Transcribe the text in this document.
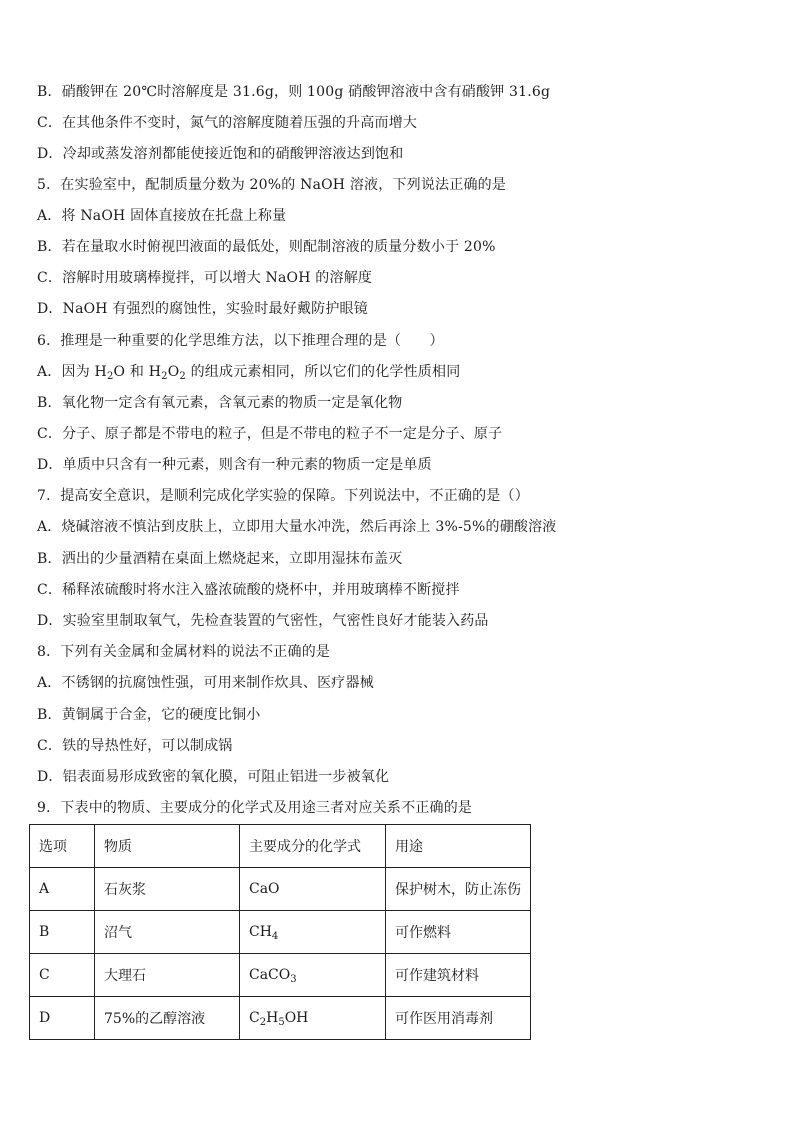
B．硝酸钾在 20℃时溶解度是 31.6g，则 100g 硝酸钾溶液中含有硝酸钾 31.6g
C．在其他条件不变时，氮气的溶解度随着压强的升高而增大
D．冷却或蒸发溶剂都能使接近饱和的硝酸钾溶液达到饱和
5．在实验室中，配制质量分数为 20%的 NaOH 溶液，下列说法正确的是
A．将 NaOH 固体直接放在托盘上称量
B．若在量取水时俯视凹液面的最低处，则配制溶液的质量分数小于 20%
C．溶解时用玻璃棒搅拌，可以增大 NaOH 的溶解度
D．NaOH 有强烈的腐蚀性，实验时最好戴防护眼镜
6．推理是一种重要的化学思维方法，以下推理合理的是（　　）
A．因为 $H_2O$ 和 $H_2O_2$ 的组成元素相同，所以它们的化学性质相同
B．氧化物一定含有氧元素，含氧元素的物质一定是氧化物
C．分子、原子都是不带电的粒子，但是不带电的粒子不一定是分子、原子
D．单质中只含有一种元素，则含有一种元素的物质一定是单质
7．提高安全意识，是顺利完成化学实验的保障。下列说法中，不正确的是（）
A．烧碱溶液不慎沾到皮肤上，立即用大量水冲洗，然后再涂上 3%-5%的硼酸溶液
B．洒出的少量酒精在桌面上燃烧起来，立即用湿抹布盖灭
C．稀释浓硫酸时将水注入盛浓硫酸的烧杯中，并用玻璃棒不断搅拌
D．实验室里制取氧气，先检查装置的气密性，气密性良好才能装入药品
8．下列有关金属和金属材料的说法不正确的是
A．不锈钢的抗腐蚀性强，可用来制作炊具、医疗器械
B．黄铜属于合金，它的硬度比铜小
C．铁的导热性好，可以制成锅
D．铝表面易形成致密的氧化膜，可阻止铝进一步被氧化
9．下表中的物质、主要成分的化学式及用途三者对应关系不正确的是
选项	物质	主要成分的化学式	用途
A	石灰浆	CaO	保护树木，防止冻伤
B	沼气	$CH_4$	可作燃料
C	大理石	CaCO$_3$	可作建筑材料
D	75%的乙醇溶液	$C_2H_5OH$	可作医用消毒剂
